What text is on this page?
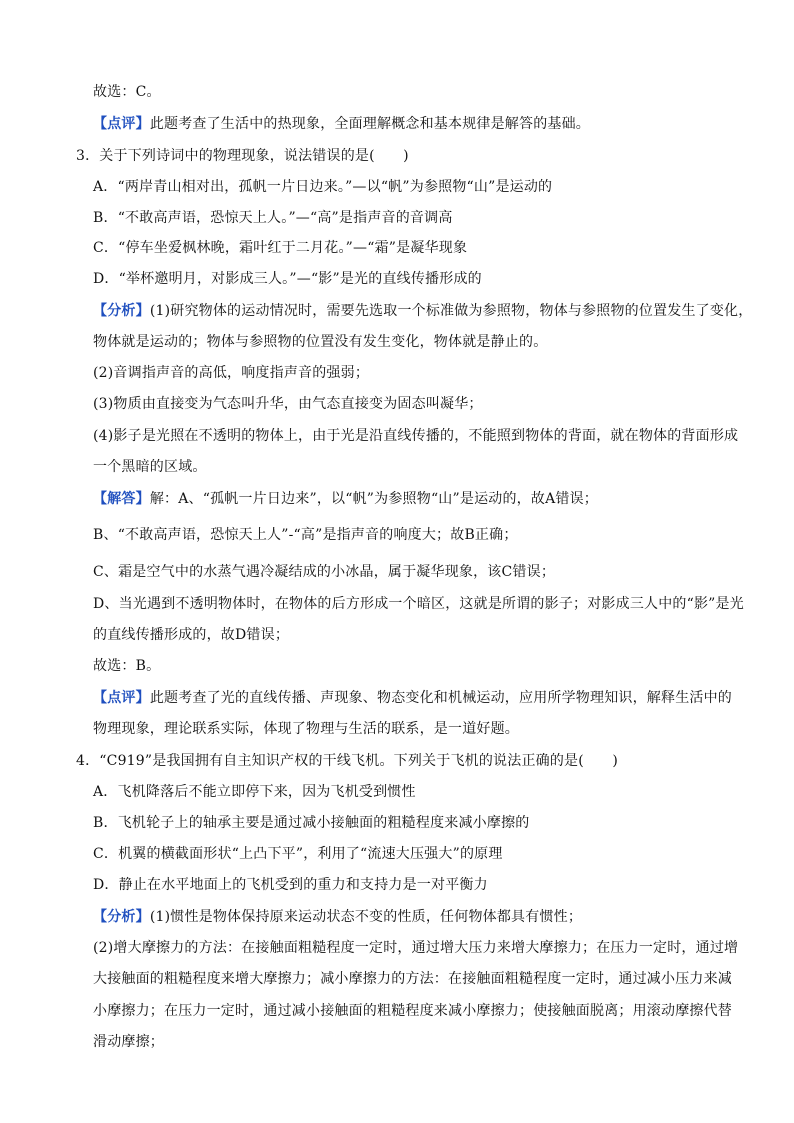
故选：C。
【点评】此题考查了生活中的热现象，全面理解概念和基本规律是解答的基础。
3．关于下列诗词中的物理现象，说法错误的是(　　)
A．“两岸青山相对出，孤帆一片日边来。”—以“帆”为参照物“山”是运动的
B．“不敢高声语，恐惊天上人。”—“高”是指声音的音调高
C．“停车坐爱枫林晚，霜叶红于二月花。”—“霜”是凝华现象
D．“举杯邀明月，对影成三人。”—“影”是光的直线传播形成的
【分析】(1)研究物体的运动情况时，需要先选取一个标准做为参照物，物体与参照物的位置发生了变化，
物体就是运动的；物体与参照物的位置没有发生变化，物体就是静止的。
(2)音调指声音的高低，响度指声音的强弱；
(3)物质由直接变为气态叫升华，由气态直接变为固态叫凝华；
(4)影子是光照在不透明的物体上，由于光是沿直线传播的，不能照到物体的背面，就在物体的背面形成
一个黑暗的区域。
【解答】解：A、“孤帆一片日边来”，以“帆”为参照物“山”是运动的，故A错误；
B、“不敢高声语，恐惊天上人”-“高”是指声音的响度大；故B正确；
C、霜是空气中的水蒸气遇冷凝结成的小冰晶，属于凝华现象，该C错误；
D、当光遇到不透明物体时，在物体的后方形成一个暗区，这就是所谓的影子；对影成三人中的“影”是光
的直线传播形成的，故D错误；
故选：B。
【点评】此题考查了光的直线传播、声现象、物态变化和机械运动，应用所学物理知识，解释生活中的
物理现象，理论联系实际，体现了物理与生活的联系，是一道好题。
4．“C919”是我国拥有自主知识产权的干线飞机。下列关于飞机的说法正确的是(　　)
A．飞机降落后不能立即停下来，因为飞机受到惯性
B．飞机轮子上的轴承主要是通过减小接触面的粗糙程度来减小摩擦的
C．机翼的横截面形状“上凸下平”，利用了“流速大压强大”的原理
D．静止在水平地面上的飞机受到的重力和支持力是一对平衡力
【分析】(1)惯性是物体保持原来运动状态不变的性质，任何物体都具有惯性；
(2)增大摩擦力的方法：在接触面粗糙程度一定时，通过增大压力来增大摩擦力；在压力一定时，通过增
大接触面的粗糙程度来增大摩擦力；减小摩擦力的方法：在接触面粗糙程度一定时，通过减小压力来减
小摩擦力；在压力一定时，通过减小接触面的粗糙程度来减小摩擦力；使接触面脱离；用滚动摩擦代替
滑动摩擦；
